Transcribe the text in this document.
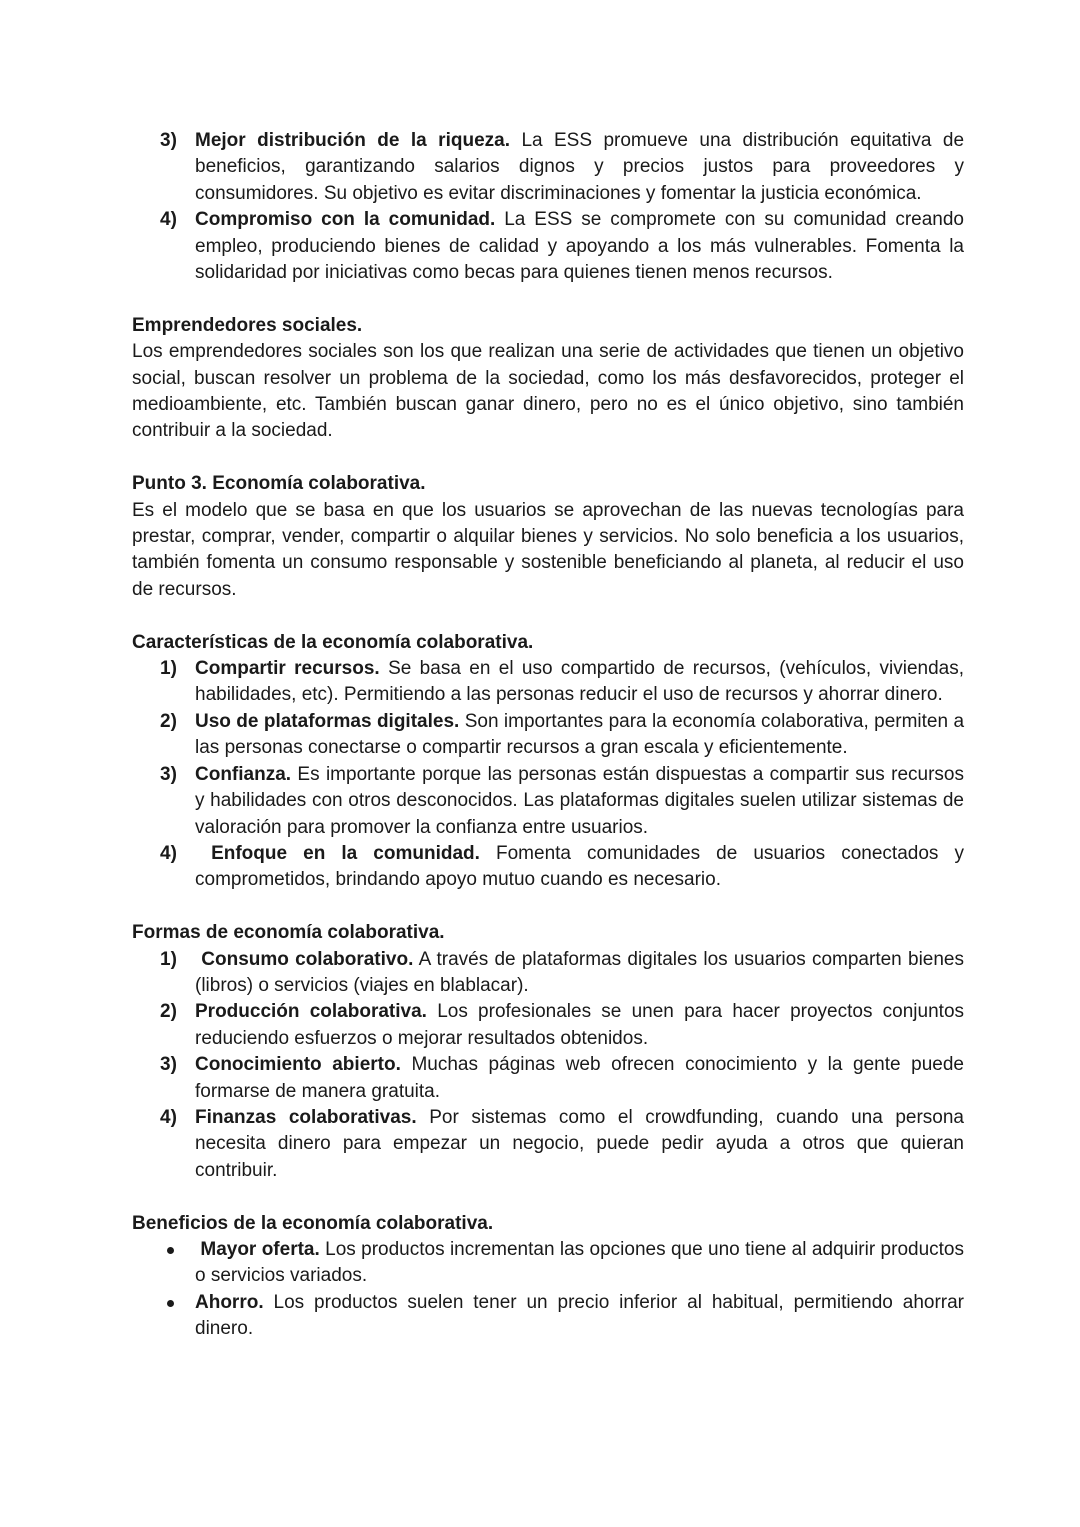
3) Mejor distribución de la riqueza. La ESS promueve una distribución equitativa de beneficios, garantizando salarios dignos y precios justos para proveedores y consumidores. Su objetivo es evitar discriminaciones y fomentar la justicia económica.
4) Compromiso con la comunidad. La ESS se compromete con su comunidad creando empleo, produciendo bienes de calidad y apoyando a los más vulnerables. Fomenta la solidaridad por iniciativas como becas para quienes tienen menos recursos.

Emprendedores sociales.

Los emprendedores sociales son los que realizan una serie de actividades que tienen un objetivo social, buscan resolver un problema de la sociedad, como los más desfavorecidos, proteger el medioambiente, etc. También buscan ganar dinero, pero no es el único objetivo, sino también contribuir a la sociedad.

Punto 3. Economía colaborativa.

Es el modelo que se basa en que los usuarios se aprovechan de las nuevas tecnologías para prestar, comprar, vender, compartir o alquilar bienes y servicios. No solo beneficia a los usuarios, también fomenta un consumo responsable y sostenible beneficiando al planeta, al reducir el uso de recursos.

Características de la economía colaborativa.

1) Compartir recursos. Se basa en el uso compartido de recursos, (vehículos, viviendas, habilidades, etc). Permitiendo a las personas reducir el uso de recursos y ahorrar dinero.
2) Uso de plataformas digitales. Son importantes para la economía colaborativa, permiten a las personas conectarse o compartir recursos a gran escala y eficientemente.
3) Confianza. Es importante porque las personas están dispuestas a compartir sus recursos y habilidades con otros desconocidos. Las plataformas digitales suelen utilizar sistemas de valoración para promover la confianza entre usuarios.
4) Enfoque en la comunidad. Fomenta comunidades de usuarios conectados y comprometidos, brindando apoyo mutuo cuando es necesario.

Formas de economía colaborativa.

1) Consumo colaborativo. A través de plataformas digitales los usuarios comparten bienes (libros) o servicios (viajes en blablacar).
2) Producción colaborativa. Los profesionales se unen para hacer proyectos conjuntos reduciendo esfuerzos o mejorar resultados obtenidos.
3) Conocimiento abierto. Muchas páginas web ofrecen conocimiento y la gente puede formarse de manera gratuita.
4) Finanzas colaborativas. Por sistemas como el crowdfunding, cuando una persona necesita dinero para empezar un negocio, puede pedir ayuda a otros que quieran contribuir.

Beneficios de la economía colaborativa.

Mayor oferta. Los productos incrementan las opciones que uno tiene al adquirir productos o servicios variados.
Ahorro. Los productos suelen tener un precio inferior al habitual, permitiendo ahorrar dinero.
